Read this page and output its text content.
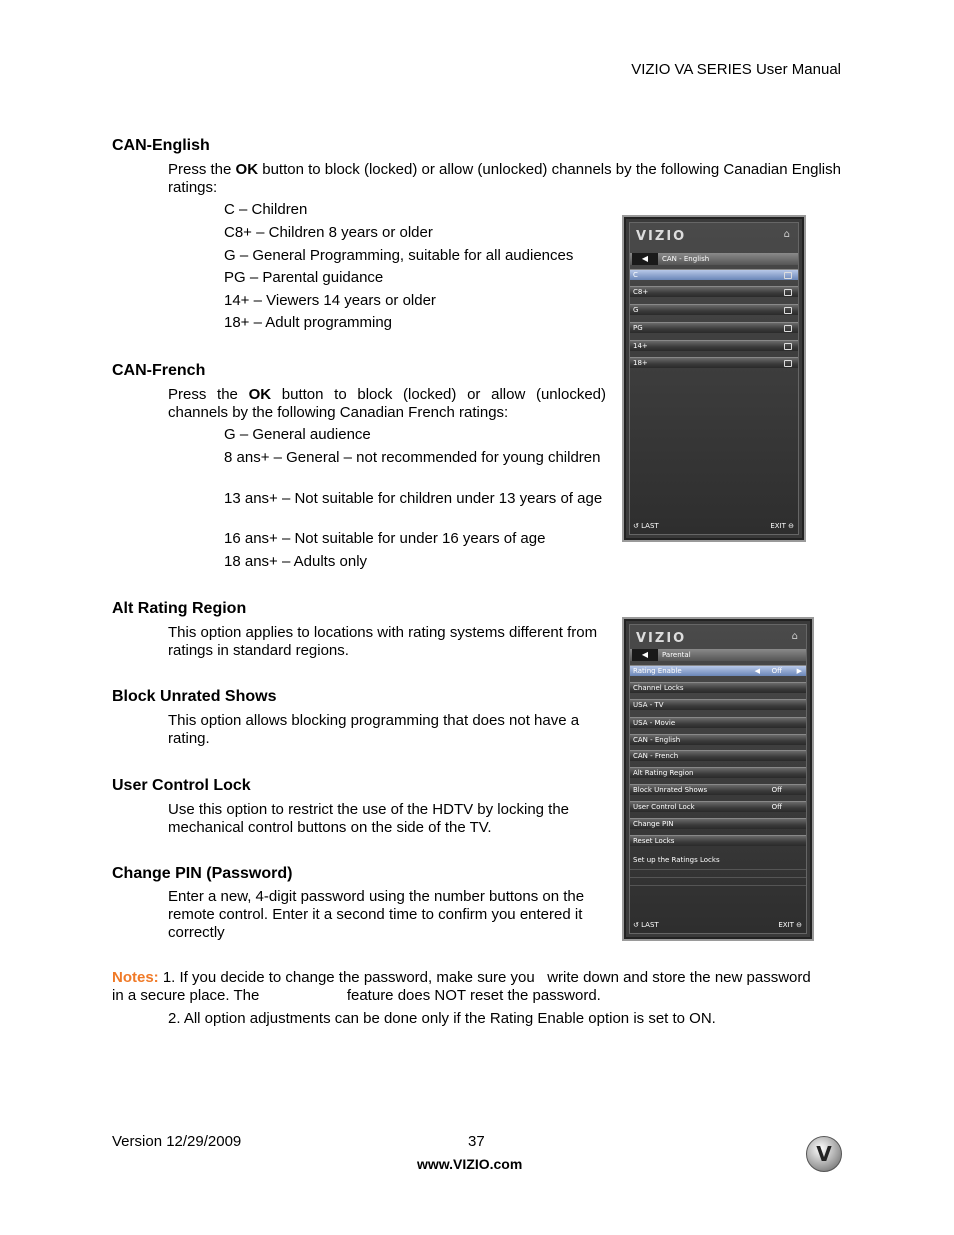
VIZIO VA SERIES User Manual
CAN-English
Press the OK button to block (locked) or allow (unlocked) channels by the following Canadian English ratings:
C – Children
C8+ – Children 8 years or older
G – General Programming, suitable for all audiences
PG – Parental guidance
14+ – Viewers 14 years or older
18+ – Adult programming
CAN-French
Press the OK button to block (locked) or allow (unlocked) channels by the following Canadian French ratings:
G – General audience
8 ans+ – General – not recommended for young children
13 ans+ – Not suitable for children under 13 years of age
16 ans+ – Not suitable for under 16 years of age
18 ans+ – Adults only
Alt Rating Region
This option applies to locations with rating systems different from ratings in standard regions.
Block Unrated Shows
This option allows blocking programming that does not have a rating.
User Control Lock
Use this option to restrict the use of the HDTV by locking the mechanical control buttons on the side of the TV.
Change PIN (Password)
Enter a new, 4-digit password using the number buttons on the remote control. Enter it a second time to confirm you entered it correctly
Notes: 1. If you decide to change the password, make sure you   write down and store the new password
in a secure place. The                     feature does NOT reset the password.
2. All option adjustments can be done only if the Rating Enable option is set to ON.
VIZIO	⌂
◀	CAN - English
C
C8+
G
PG
14+
18+
↺ LAST	EXIT ⊖
VIZIO	⌂
◀	Parental
Rating Enable	◀ Off ▶
Channel Locks
USA - TV
USA - Movie
CAN - English
CAN - French
Alt Rating Region
Block Unrated Shows	Off
User Control Lock	Off
Change PIN
Reset Locks
Set up the Ratings Locks
↺ LAST	EXIT ⊖
Version 12/29/2009	37
www.VIZIO.com	V
